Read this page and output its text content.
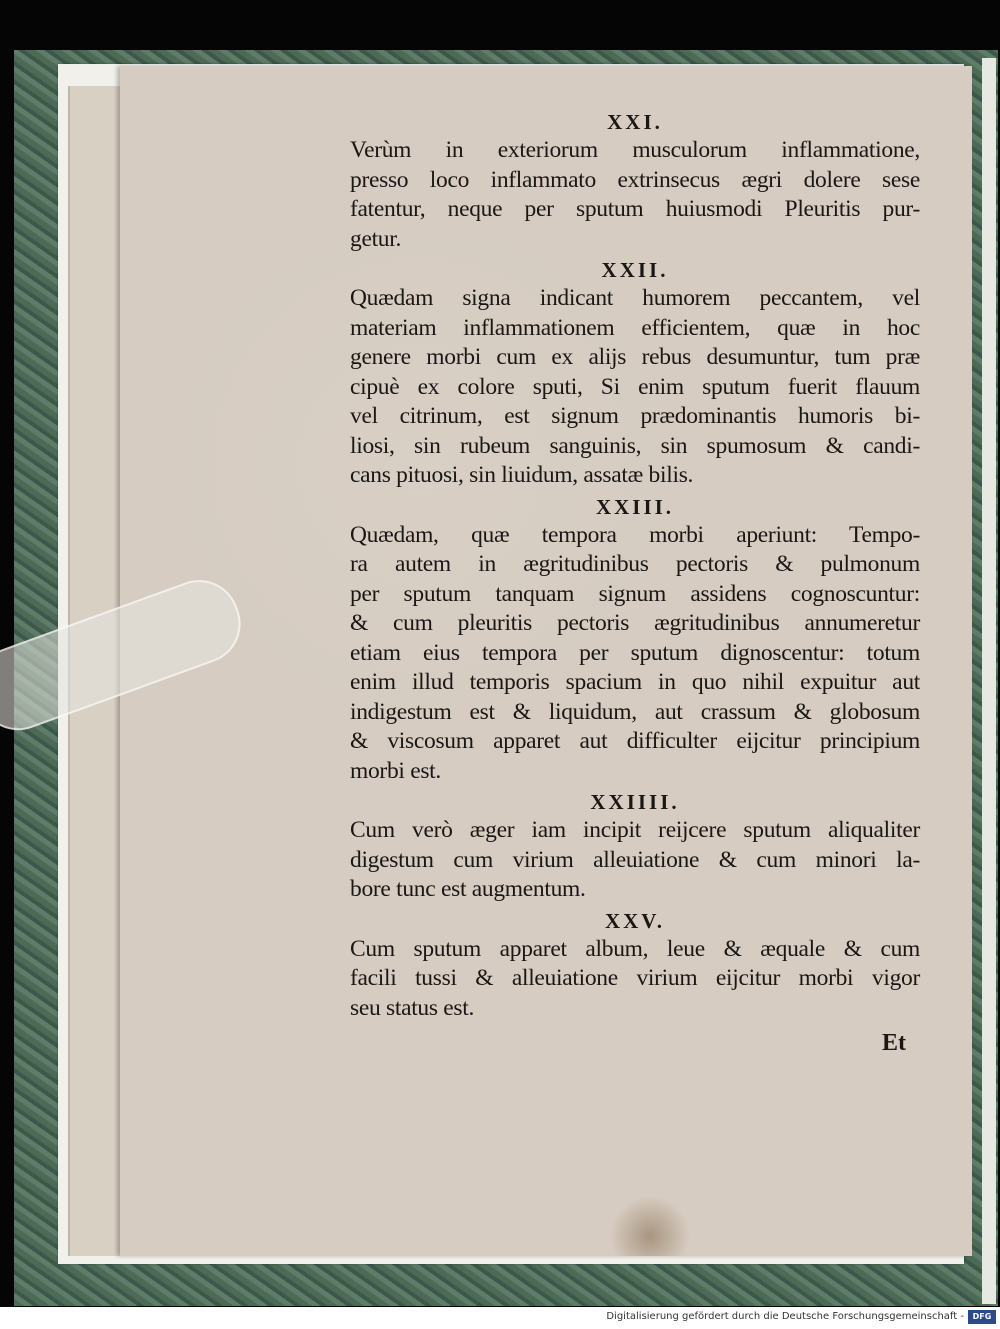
XXI.
Verùm in exteriorum musculorum inflammatione,
presso loco inflammato extrinsecus ægri dolere sese
fatentur, neque per sputum huiusmodi Pleuritis pur-
getur.
XXII.
Quædam signa indicant humorem peccantem, vel
materiam inflammationem efficientem, quæ in hoc
genere morbi cum ex alijs rebus desumuntur, tum præ
cipuè ex colore sputi, Si enim sputum fuerit flauum
vel citrinum, est signum prædominantis humoris bi-
liosi, sin rubeum sanguinis, sin spumosum & candi-
cans pituosi, sin liuidum, assatæ bilis.
XXIII.
Quædam, quæ tempora morbi aperiunt: Tempo-
ra autem in ægritudinibus pectoris & pulmonum
per sputum tanquam signum assidens cognoscuntur:
& cum pleuritis pectoris ægritudinibus annumeretur
etiam eius tempora per sputum dignoscentur: totum
enim illud temporis spacium in quo nihil expuitur aut
indigestum est & liquidum, aut crassum & globosum
& viscosum apparet aut difficulter eijcitur principium
morbi est.
XXIIII.
Cum verò æger iam incipit reijcere sputum aliqualiter
digestum cum virium alleuiatione & cum minori la-
bore tunc est augmentum.
XXV.
Cum sputum apparet album, leue & æquale & cum
facili tussi & alleuiatione virium eijcitur morbi vigor
seu status est.
Et
Digitalisierung gefördert durch die Deutsche Forschungsgemeinschaft -	DFG
